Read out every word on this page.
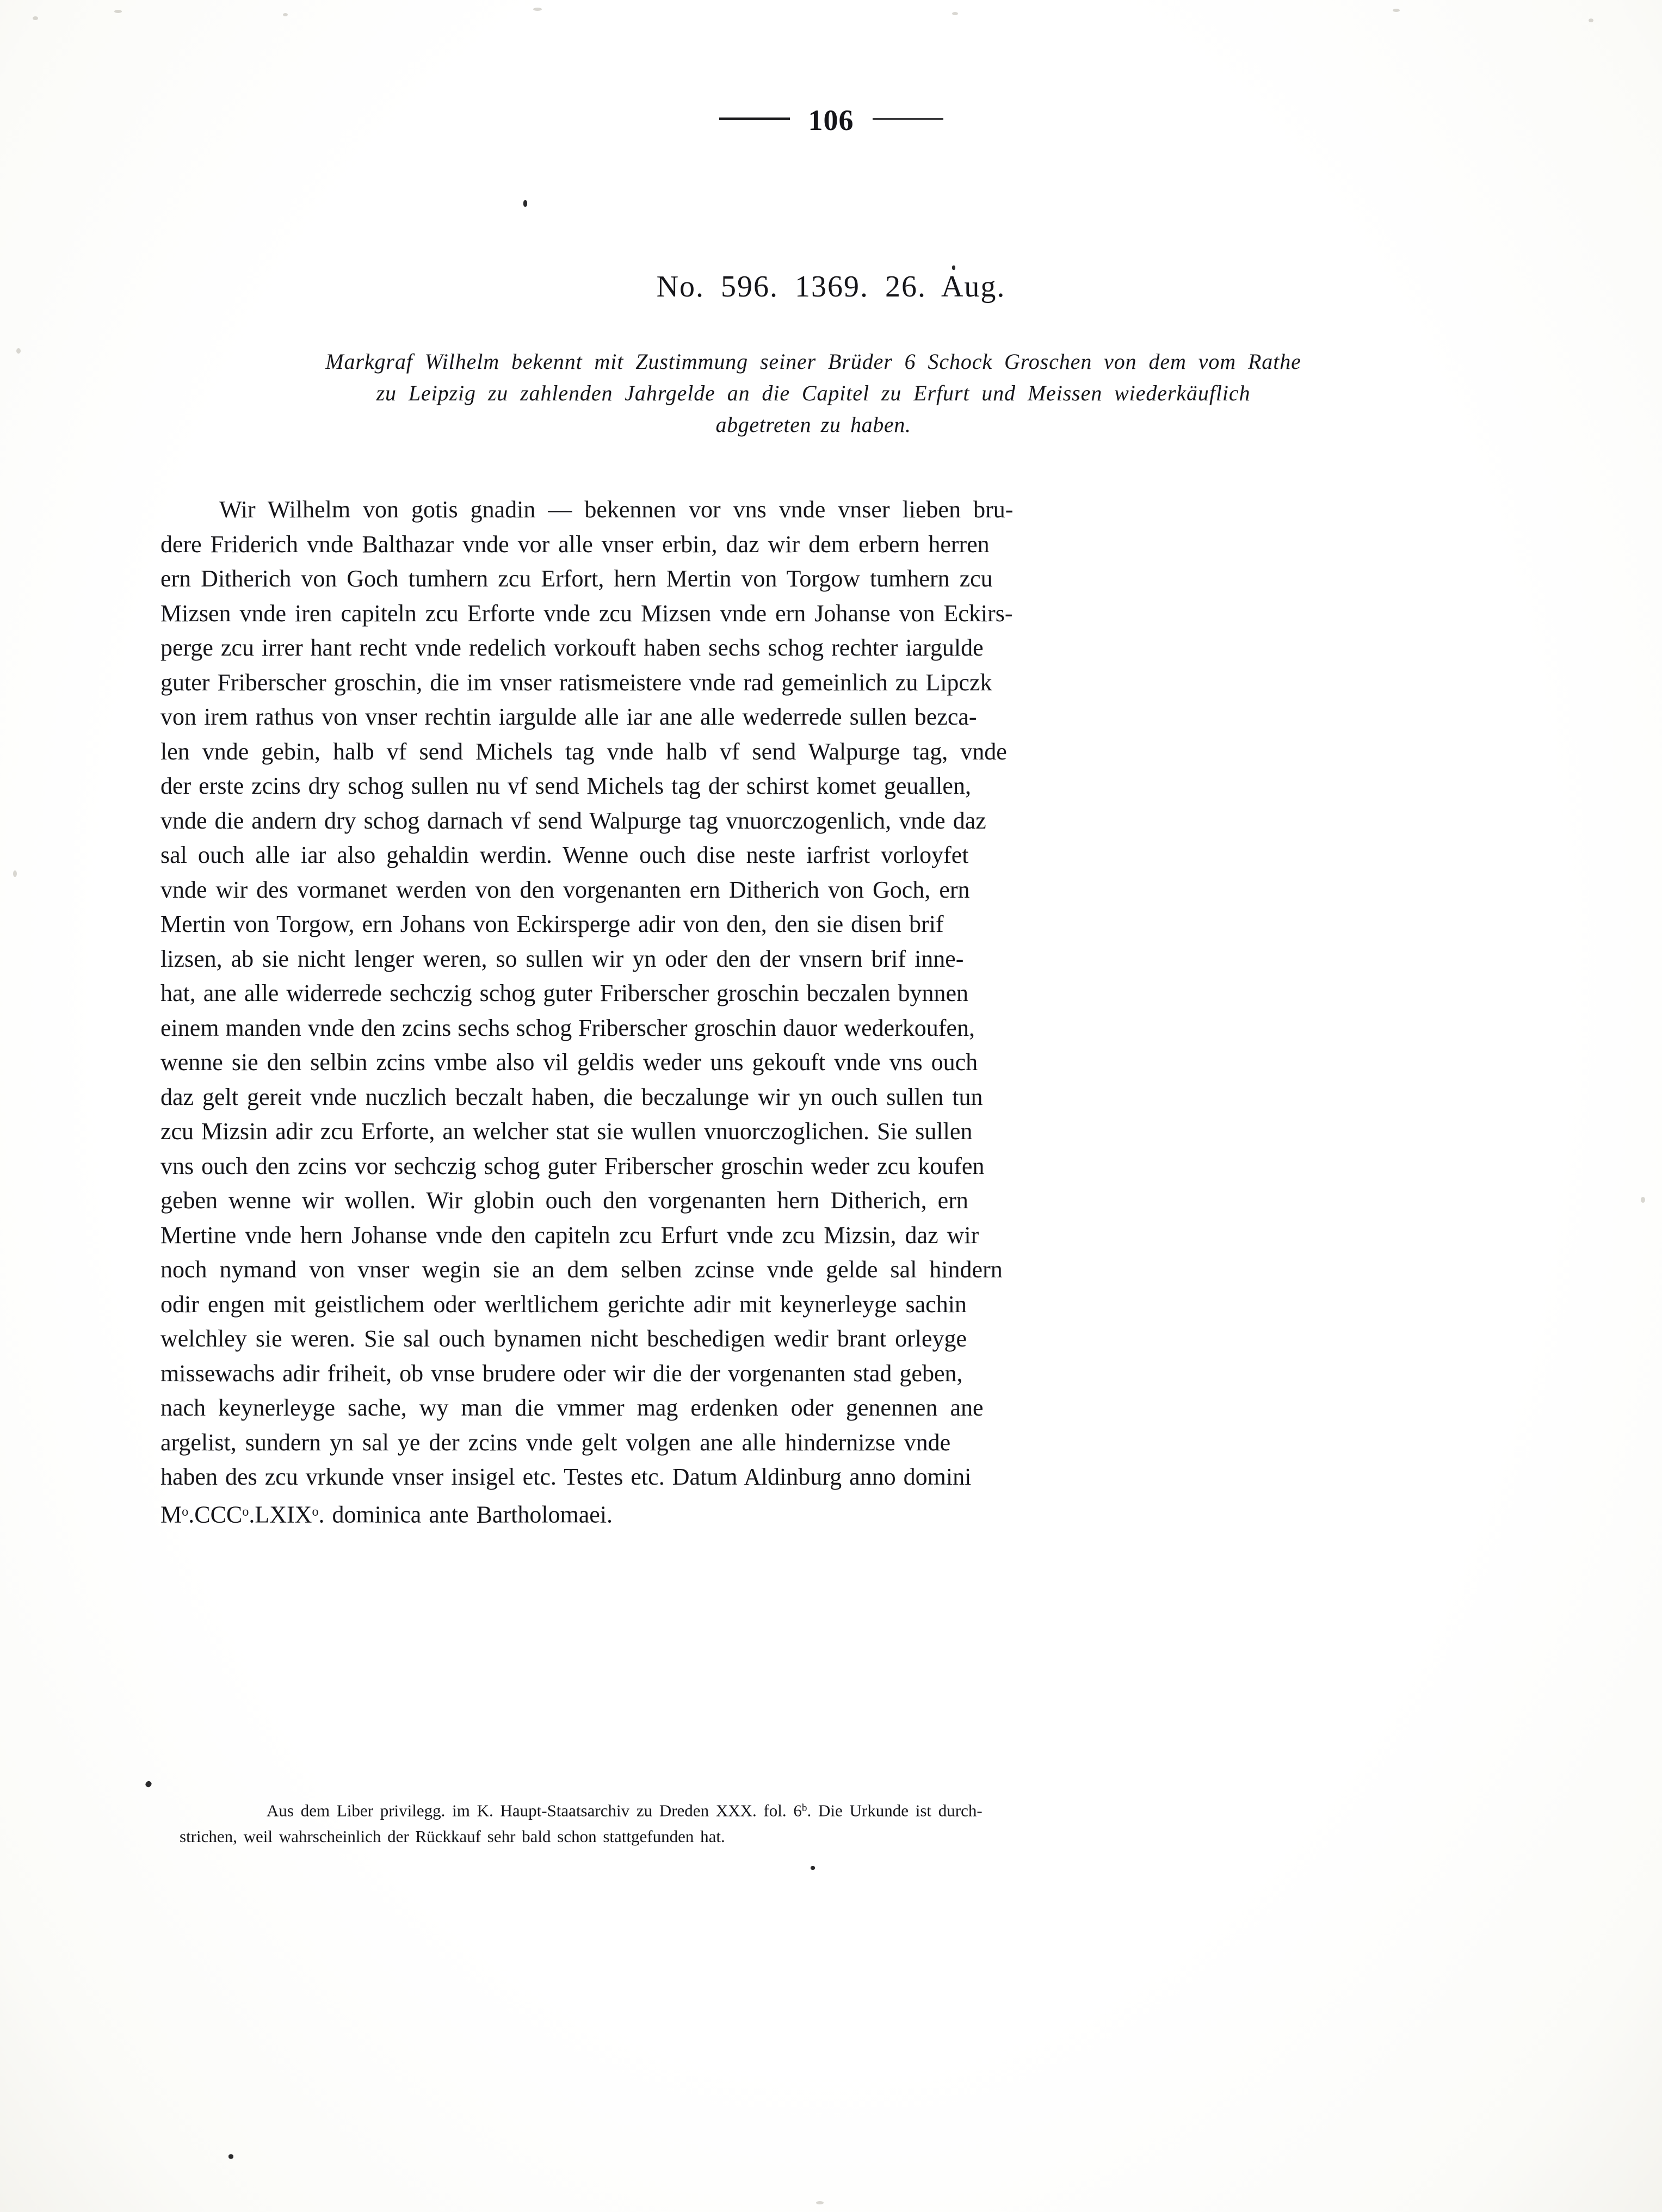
106
No. 596. 1369. 26. Aug.
Markgraf Wilhelm bekennt mit Zustimmung seiner Brüder 6 Schock Groschen von dem vom Rathe
zu Leipzig zu zahlenden Jahrgelde an die Capitel zu Erfurt und Meissen wiederkäuflich
abgetreten zu haben.
Wir Wilhelm von gotis gnadin — bekennen vor vns vnde vnser lieben bru-
dere Friderich vnde Balthazar vnde vor alle vnser erbin, daz wir dem erbern herren
ern Ditherich von Goch tumhern zcu Erfort, hern Mertin von Torgow tumhern zcu
Mizsen vnde iren capiteln zcu Erforte vnde zcu Mizsen vnde ern Johanse von Eckirs-
perge zcu irrer hant recht vnde redelich vorkouft haben sechs schog rechter iargulde
guter Friberscher groschin, die im vnser ratismeistere vnde rad gemeinlich zu Lipczk
von irem rathus von vnser rechtin iargulde alle iar ane alle wederrede sullen bezca-
len vnde gebin, halb vf send Michels tag vnde halb vf send Walpurge tag, vnde
der erste zcins dry schog sullen nu vf send Michels tag der schirst komet geuallen,
vnde die andern dry schog darnach vf send Walpurge tag vnuorczogenlich, vnde daz
sal ouch alle iar also gehaldin werdin. Wenne ouch dise neste iarfrist vorloyfet
vnde wir des vormanet werden von den vorgenanten ern Ditherich von Goch, ern
Mertin von Torgow, ern Johans von Eckirsperge adir von den, den sie disen brif
lizsen, ab sie nicht lenger weren, so sullen wir yn oder den der vnsern brif inne-
hat, ane alle widerrede sechczig schog guter Friberscher groschin beczalen bynnen
einem manden vnde den zcins sechs schog Friberscher groschin dauor wederkoufen,
wenne sie den selbin zcins vmbe also vil geldis weder uns gekouft vnde vns ouch
daz gelt gereit vnde nuczlich beczalt haben, die beczalunge wir yn ouch sullen tun
zcu Mizsin adir zcu Erforte, an welcher stat sie wullen vnuorczoglichen. Sie sullen
vns ouch den zcins vor sechczig schog guter Friberscher groschin weder zcu koufen
geben wenne wir wollen. Wir globin ouch den vorgenanten hern Ditherich, ern
Mertine vnde hern Johanse vnde den capiteln zcu Erfurt vnde zcu Mizsin, daz wir
noch nymand von vnser wegin sie an dem selben zcinse vnde gelde sal hindern
odir engen mit geistlichem oder werltlichem gerichte adir mit keynerleyge sachin
welchley sie weren. Sie sal ouch bynamen nicht beschedigen wedir brant orleyge
missewachs adir friheit, ob vnse brudere oder wir die der vorgenanten stad geben,
nach keynerleyge sache, wy man die vmmer mag erdenken oder genennen ane
argelist, sundern yn sal ye der zcins vnde gelt volgen ane alle hindernizse vnde
haben des zcu vrkunde vnser insigel etc. Testes etc. Datum Aldinburg anno domini
$M^o.CCC^o.LXIX^o$. dominica ante Bartholomaei.
Aus dem Liber privilegg. im K. Haupt-Staatsarchiv zu Dreden XXX. fol. 6$^b$. Die Urkunde ist durch-
strichen, weil wahrscheinlich der Rückkauf sehr bald schon stattgefunden hat.
